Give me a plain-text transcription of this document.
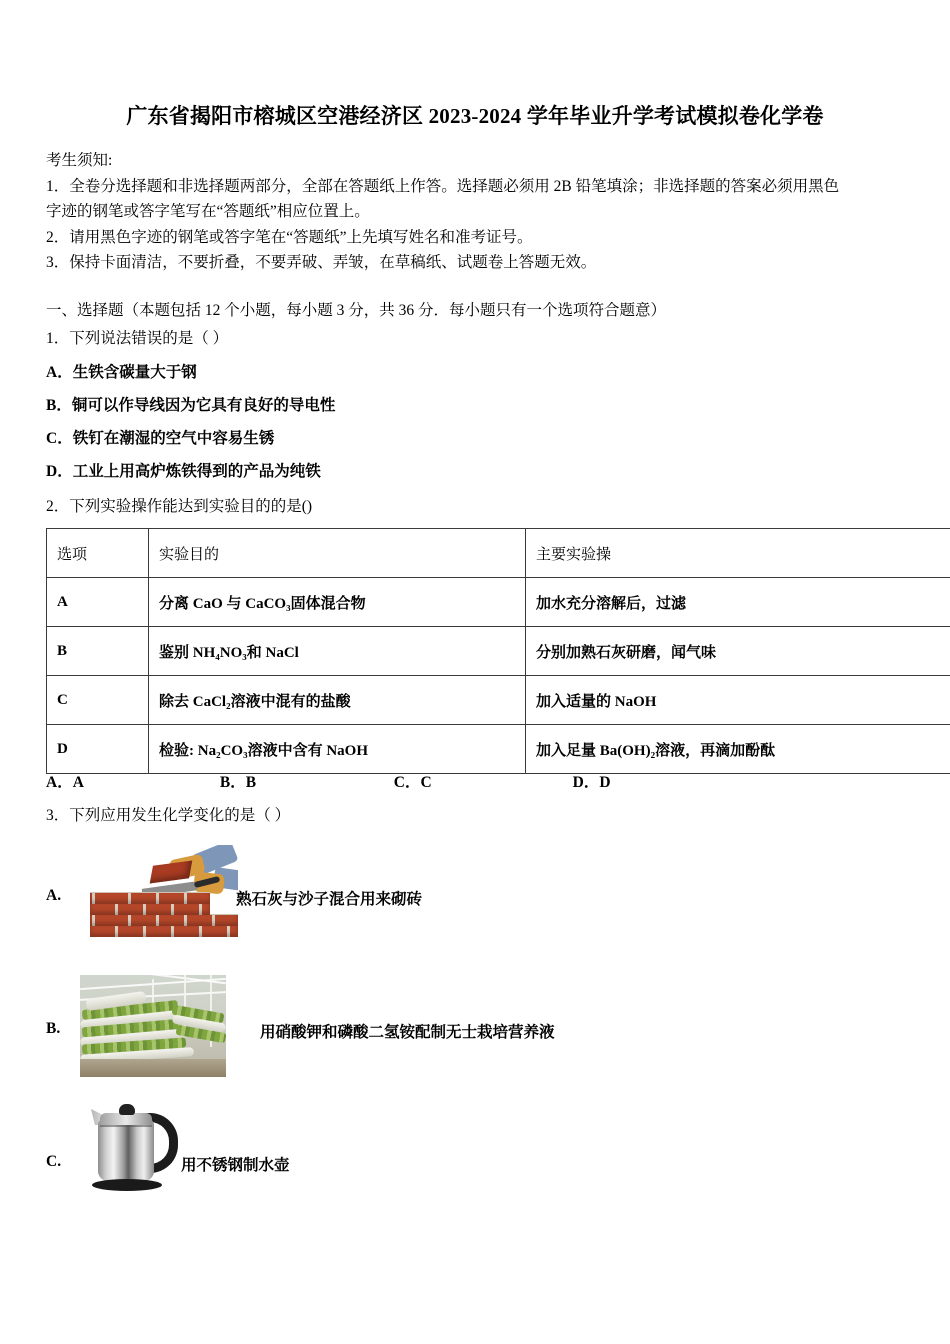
广东省揭阳市榕城区空港经济区 2023-2024 学年毕业升学考试模拟卷化学卷
考生须知:
1．全卷分选择题和非选择题两部分，全部在答题纸上作答。选择题必须用 2B 铅笔填涂；非选择题的答案必须用黑色
字迹的钢笔或答字笔写在“答题纸”相应位置上。
2．请用黑色字迹的钢笔或答字笔在“答题纸”上先填写姓名和准考证号。
3．保持卡面清洁，不要折叠，不要弄破、弄皱，在草稿纸、试题卷上答题无效。
一、选择题（本题包括 12 个小题，每小题 3 分，共 36 分．每小题只有一个选项符合题意）
1．下列说法错误的是（ ）
A．生铁含碳量大于钢
B．铜可以作导线因为它具有良好的导电性
C．铁钉在潮湿的空气中容易生锈
D．工业上用高炉炼铁得到的产品为纯铁
2．下列实验操作能达到实验目的的是()
选项	实验目的	主要实验操
A	分离 CaO 与 CaCO₃固体混合物	加水充分溶解后，过滤
B	鉴别 NH₄NO₃和 NaCl	分别加熟石灰研磨，闻气味
C	除去 CaCl₂溶液中混有的盐酸	加入适量的 NaOH
D	检验: Na₂CO₃溶液中含有 NaOH	加入足量 Ba(OH)₂溶液，再滴加酚酞
A．A	B．B	C．C	D．D
3．下列应用发生化学变化的是（ ）
A.	熟石灰与沙子混合用来砌砖
B.	用硝酸钾和磷酸二氢铵配制无士栽培营养液
C.	用不锈钢制水壶
